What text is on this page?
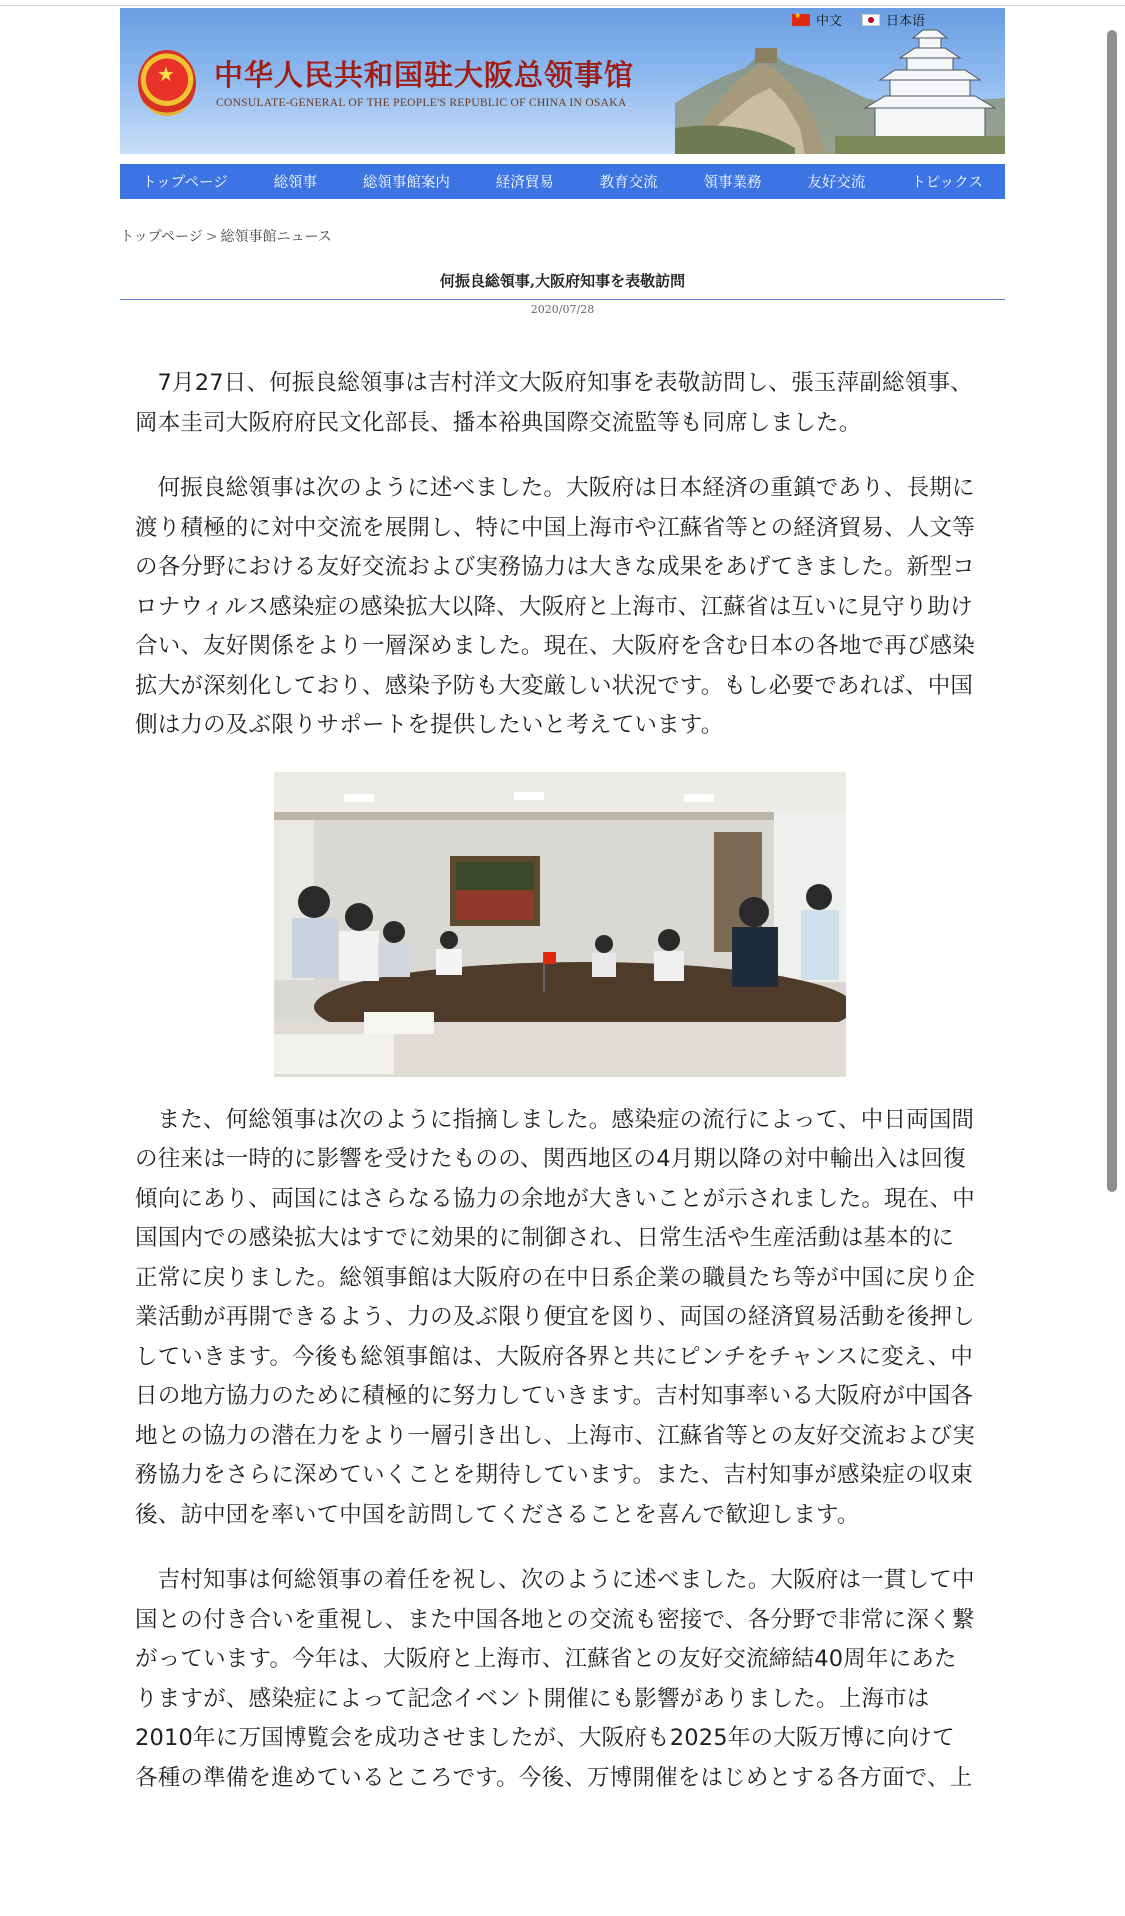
★
中文	日本语
★
中华人民共和国驻大阪总领事馆
CONSULATE-GENERAL OF THE PEOPLE'S REPUBLIC OF CHINA IN OSAKA
トップページ	総領事	総領事館案内	経済貿易	教育交流	領事業務	友好交流	トピックス
トップページ > 総領事館ニュース
何振良総領事,大阪府知事を表敬訪問
2020/07/28

7月27日、何振良総領事は吉村洋文大阪府知事を表敬訪問し、張玉萍副総領事、岡本圭司大阪府府民文化部長、播本裕典国際交流監等も同席しました。

何振良総領事は次のように述べました。大阪府は日本経済の重鎮であり、長期に渡り積極的に対中交流を展開し、特に中国上海市や江蘇省等との経済貿易、人文等の各分野における友好交流および実務協力は大きな成果をあげてきました。新型コロナウィルス感染症の感染拡大以降、大阪府と上海市、江蘇省は互いに見守り助け合い、友好関係をより一層深めました。現在、大阪府を含む日本の各地で再び感染拡大が深刻化しており、感染予防も大変厳しい状況です。もし必要であれば、中国側は力の及ぶ限りサポートを提供したいと考えています。

また、何総領事は次のように指摘しました。感染症の流行によって、中日両国間の往来は一時的に影響を受けたものの、関西地区の4月期以降の対中輸出入は回復傾向にあり、両国にはさらなる協力の余地が大きいことが示されました。現在、中国国内での感染拡大はすでに効果的に制御され、日常生活や生産活動は基本的に正常に戻りました。総領事館は大阪府の在中日系企業の職員たち等が中国に戻り企業活動が再開できるよう、力の及ぶ限り便宜を図り、両国の経済貿易活動を後押ししていきます。今後も総領事館は、大阪府各界と共にピンチをチャンスに変え、中日の地方協力のために積極的に努力していきます。吉村知事率いる大阪府が中国各地との協力の潜在力をより一層引き出し、上海市、江蘇省等との友好交流および実務協力をさらに深めていくことを期待しています。また、吉村知事が感染症の収束後、訪中団を率いて中国を訪問してくださることを喜んで歓迎します。

吉村知事は何総領事の着任を祝し、次のように述べました。大阪府は一貫して中国との付き合いを重視し、また中国各地との交流も密接で、各分野で非常に深く繋がっています。今年は、大阪府と上海市、江蘇省との友好交流締結40周年にあたりますが、感染症によって記念イベント開催にも影響がありました。上海市は2010年に万国博覧会を成功させましたが、大阪府も2025年の大阪万博に向けて各種の準備を進めているところです。今後、万博開催をはじめとする各方面で、上
